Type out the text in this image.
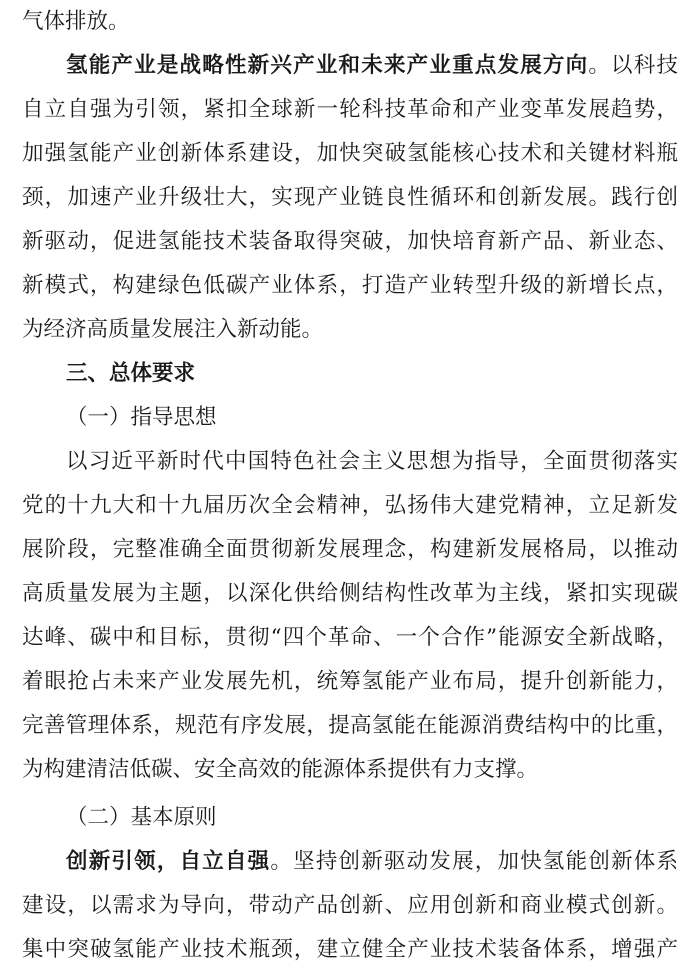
气体排放。
氢能产业是战略性新兴产业和未来产业重点发展方向。以科技
自立自强为引领，紧扣全球新一轮科技革命和产业变革发展趋势，
加强氢能产业创新体系建设，加快突破氢能核心技术和关键材料瓶
颈，加速产业升级壮大，实现产业链良性循环和创新发展。践行创
新驱动，促进氢能技术装备取得突破，加快培育新产品、新业态、
新模式，构建绿色低碳产业体系，打造产业转型升级的新增长点，
为经济高质量发展注入新动能。
三、总体要求
（一）指导思想
以习近平新时代中国特色社会主义思想为指导，全面贯彻落实
党的十九大和十九届历次全会精神，弘扬伟大建党精神，立足新发
展阶段，完整准确全面贯彻新发展理念，构建新发展格局，以推动
高质量发展为主题，以深化供给侧结构性改革为主线，紧扣实现碳
达峰、碳中和目标，贯彻“四个革命、一个合作”能源安全新战略，
着眼抢占未来产业发展先机，统筹氢能产业布局，提升创新能力，
完善管理体系，规范有序发展，提高氢能在能源消费结构中的比重，
为构建清洁低碳、安全高效的能源体系提供有力支撑。
（二）基本原则
创新引领，自立自强。坚持创新驱动发展，加快氢能创新体系
建设，以需求为导向，带动产品创新、应用创新和商业模式创新。
集中突破氢能产业技术瓶颈，建立健全产业技术装备体系，增强产
